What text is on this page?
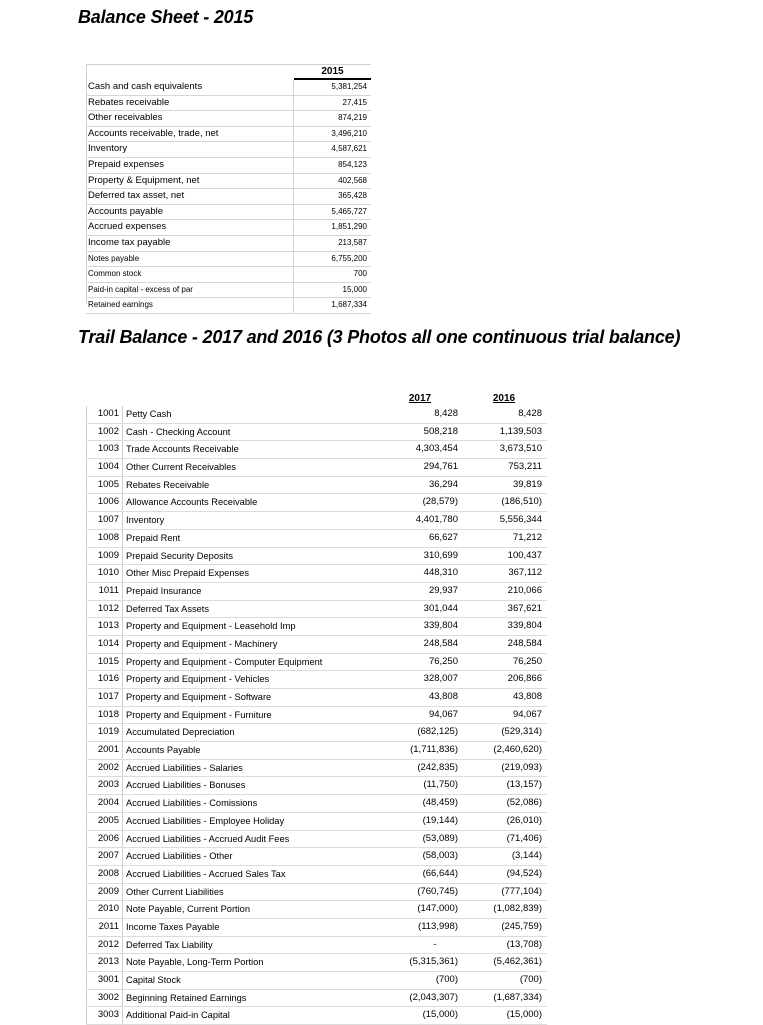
Balance Sheet - 2015
2015
Cash and cash equivalents	5,381,254
Rebates receivable	27,415
Other receivables	874,219
Accounts receivable, trade, net	3,496,210
Inventory	4,587,621
Prepaid expenses	854,123
Property & Equipment, net	402,568
Deferred tax asset, net	365,428
Accounts payable	5,465,727
Accrued expenses	1,851,290
Income tax payable	213,587
Notes payable	6,755,200
Common stock	700
Paid-in capital - excess of par	15,000
Retained earnings	1,687,334
Trail Balance - 2017 and 2016 (3 Photos all one continuous trial balance)
2017	2016
1001 Petty Cash	8,428	8,428
1002 Cash - Checking Account	508,218	1,139,503
1003 Trade Accounts Receivable	4,303,454	3,673,510
1004 Other Current Receivables	294,761	753,211
1005 Rebates Receivable	36,294	39,819
1006 Allowance Accounts Receivable	(28,579)	(186,510)
1007 Inventory	4,401,780	5,556,344
1008 Prepaid Rent	66,627	71,212
1009 Prepaid Security Deposits	310,699	100,437
1010 Other Misc Prepaid Expenses	448,310	367,112
1011 Prepaid Insurance	29,937	210,066
1012 Deferred Tax Assets	301,044	367,621
1013 Property and Equipment - Leasehold Imp	339,804	339,804
1014 Property and Equipment - Machinery	248,584	248,584
1015 Property and Equipment - Computer Equipment	76,250	76,250
1016 Property and Equipment - Vehicles	328,007	206,866
1017 Property and Equipment - Software	43,808	43,808
1018 Property and Equipment - Furniture	94,067	94,067
1019 Accumulated Depreciation	(682,125)	(529,314)
2001 Accounts Payable	(1,711,836)	(2,460,620)
2002 Accrued Liabilities - Salaries	(242,835)	(219,093)
2003 Accrued Liabilities - Bonuses	(11,750)	(13,157)
2004 Accrued Liabilities - Comissions	(48,459)	(52,086)
2005 Accrued Liabilities - Employee Holiday	(19,144)	(26,010)
2006 Accrued Liabilities - Accrued Audit Fees	(53,089)	(71,406)
2007 Accrued Liabilities - Other	(58,003)	(3,144)
2008 Accrued Liabilities - Accrued Sales Tax	(66,644)	(94,524)
2009 Other Current Liabilities	(760,745)	(777,104)
2010 Note Payable, Current Portion	(147,000)	(1,082,839)
2011 Income Taxes Payable	(113,998)	(245,759)
2012 Deferred Tax Liability	-	(13,708)
2013 Note Payable, Long-Term Portion	(5,315,361)	(5,462,361)
3001 Capital Stock	(700)	(700)
3002 Beginning Retained Earnings	(2,043,307)	(1,687,334)
3003 Additional Paid-in Capital	(15,000)	(15,000)
